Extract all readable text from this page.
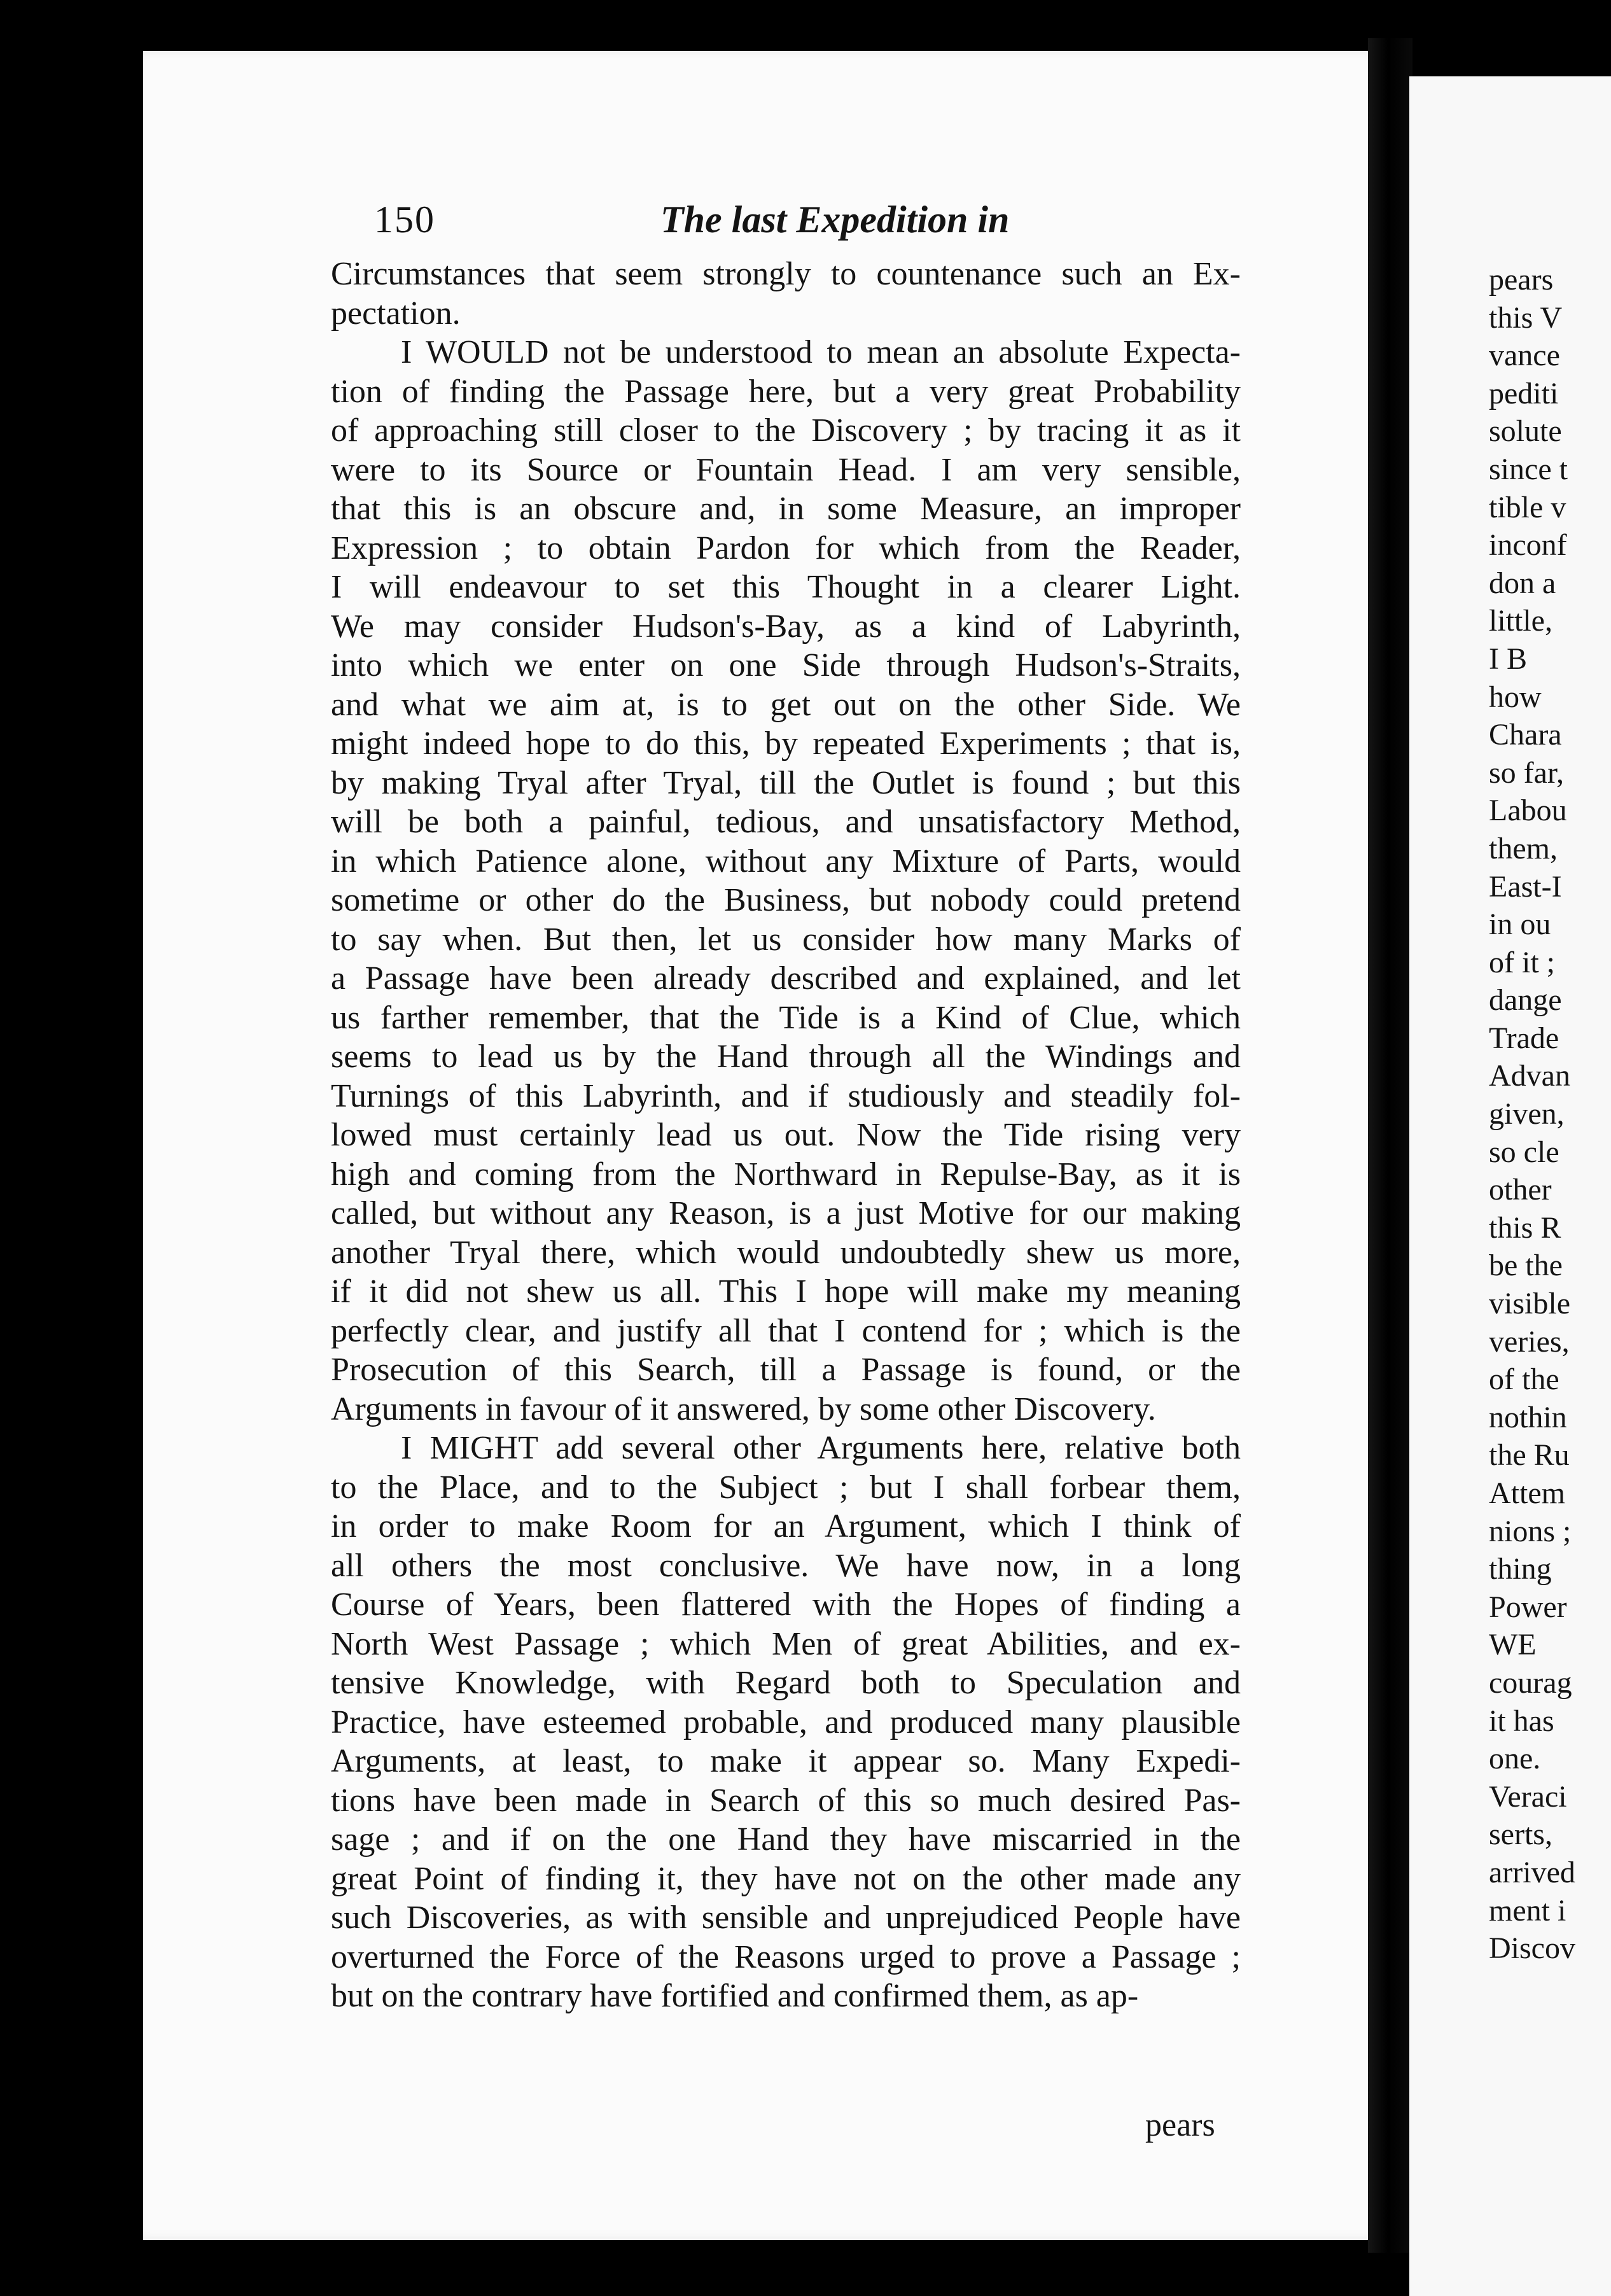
150	The last Expedition in
Circumstances that seem strongly to countenance such an Ex-
pectation.
I WOULD not be understood to mean an absolute Expecta-
tion of finding the Passage here, but a very great Probability
of approaching still closer to the Discovery ; by tracing it as it
were to its Source or Fountain Head. I am very sensible,
that this is an obscure and, in some Measure, an improper
Expression ; to obtain Pardon for which from the Reader,
I will endeavour to set this Thought in a clearer Light.
We may consider Hudson's-Bay, as a kind of Labyrinth,
into which we enter on one Side through Hudson's-Straits,
and what we aim at, is to get out on the other Side. We
might indeed hope to do this, by repeated Experiments ; that is,
by making Tryal after Tryal, till the Outlet is found ; but this
will be both a painful, tedious, and unsatisfactory Method,
in which Patience alone, without any Mixture of Parts, would
sometime or other do the Business, but nobody could pretend
to say when. But then, let us consider how many Marks of
a Passage have been already described and explained, and let
us farther remember, that the Tide is a Kind of Clue, which
seems to lead us by the Hand through all the Windings and
Turnings of this Labyrinth, and if studiously and steadily fol-
lowed must certainly lead us out. Now the Tide rising very
high and coming from the Northward in Repulse-Bay, as it is
called, but without any Reason, is a just Motive for our making
another Tryal there, which would undoubtedly shew us more,
if it did not shew us all. This I hope will make my meaning
perfectly clear, and justify all that I contend for ; which is the
Prosecution of this Search, till a Passage is found, or the
Arguments in favour of it answered, by some other Discovery.
I MIGHT add several other Arguments here, relative both
to the Place, and to the Subject ; but I shall forbear them,
in order to make Room for an Argument, which I think of
all others the most conclusive. We have now, in a long
Course of Years, been flattered with the Hopes of finding a
North West Passage ; which Men of great Abilities, and ex-
tensive Knowledge, with Regard both to Speculation and
Practice, have esteemed probable, and produced many plausible
Arguments, at least, to make it appear so. Many Expedi-
tions have been made in Search of this so much desired Pas-
sage ; and if on the one Hand they have miscarried in the
great Point of finding it, they have not on the other made any
such Discoveries, as with sensible and unprejudiced People have
overturned the Force of the Reasons urged to prove a Passage ;
but on the contrary have fortified and confirmed them, as ap-
pears
pears
this V
vance
pediti
solute
since t
tible v
inconf
don a
little,
I B
how
Chara
so far,
Labou
them,
East-I
in ou
of it ;
dange
Trade
Advan
given,
so cle
other
this R
be the
visible
veries,
of the
nothin
the Ru
Attem
nions ;
thing
Power
WE
courag
it has
one.
Veraci
serts,
arrived
ment i
Discov
